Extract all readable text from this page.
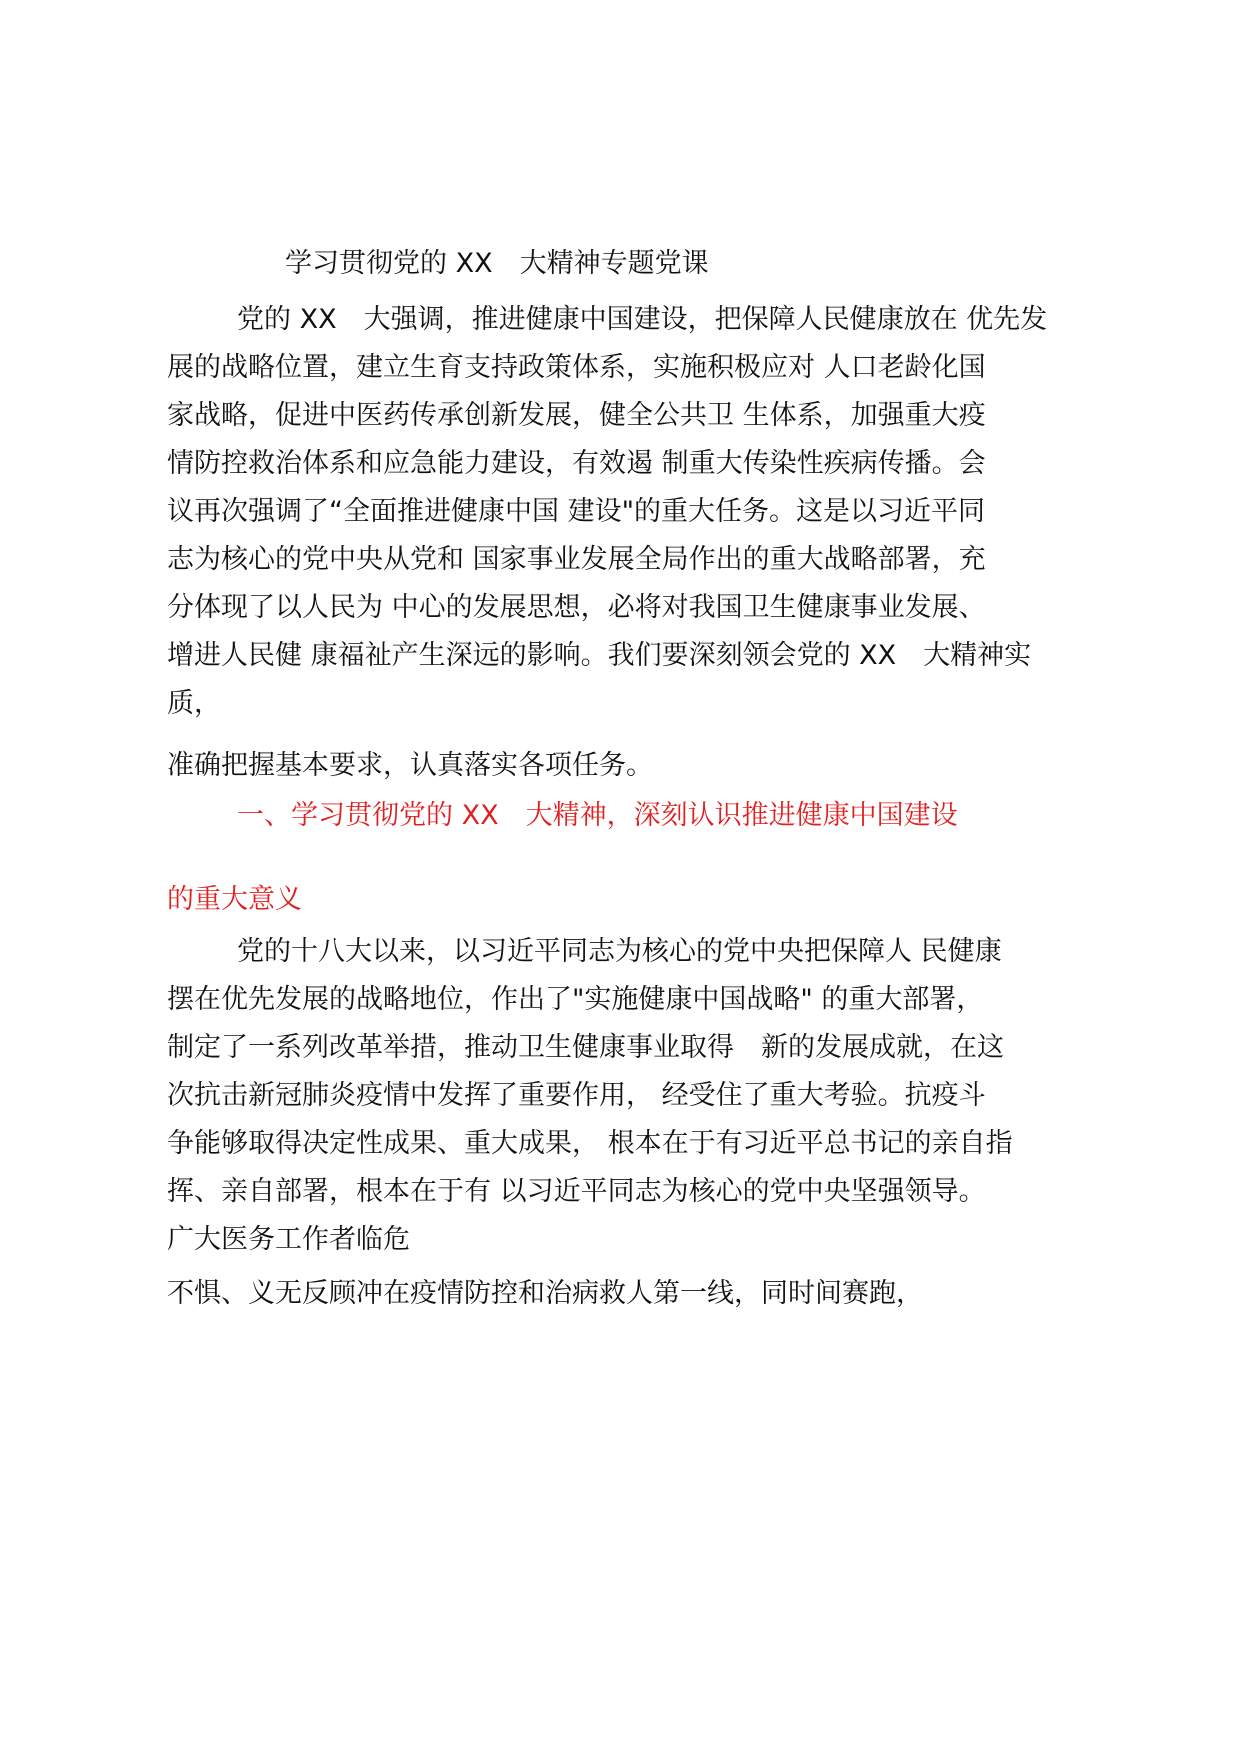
学习贯彻党的 XX　大精神专题党课
党的 XX　大强调，推进健康中国建设，把保障人民健康放在 优先发
展的战略位置，建立生育支持政策体系，实施积极应对 人口老龄化国
家战略，促进中医药传承创新发展，健全公共卫 生体系，加强重大疫
情防控救治体系和应急能力建设，有效遏 制重大传染性疾病传播。会
议再次强调了“全面推进健康中国 建设"的重大任务。这是以习近平同
志为核心的党中央从党和 国家事业发展全局作出的重大战略部署，充
分体现了以人民为 中心的发展思想，必将对我国卫生健康事业发展、
增进人民健 康福祉产生深远的影响。我们要深刻领会党的 XX　大精神实
质，
准确把握基本要求，认真落实各项任务。
一、学习贯彻党的 XX　大精神，深刻认识推进健康中国建设
的重大意义
党的十八大以来，以习近平同志为核心的党中央把保障人 民健康
摆在优先发展的战略地位，作出了"实施健康中国战略" 的重大部署，
制定了一系列改革举措，推动卫生健康事业取得　新的发展成就，在这
次抗击新冠肺炎疫情中发挥了重要作用， 经受住了重大考验。抗疫斗
争能够取得决定性成果、重大成果， 根本在于有习近平总书记的亲自指
挥、亲自部署，根本在于有 以习近平同志为核心的党中央坚强领导。
广大医务工作者临危
不惧、义无反顾冲在疫情防控和治病救人第一线，同时间赛跑，
